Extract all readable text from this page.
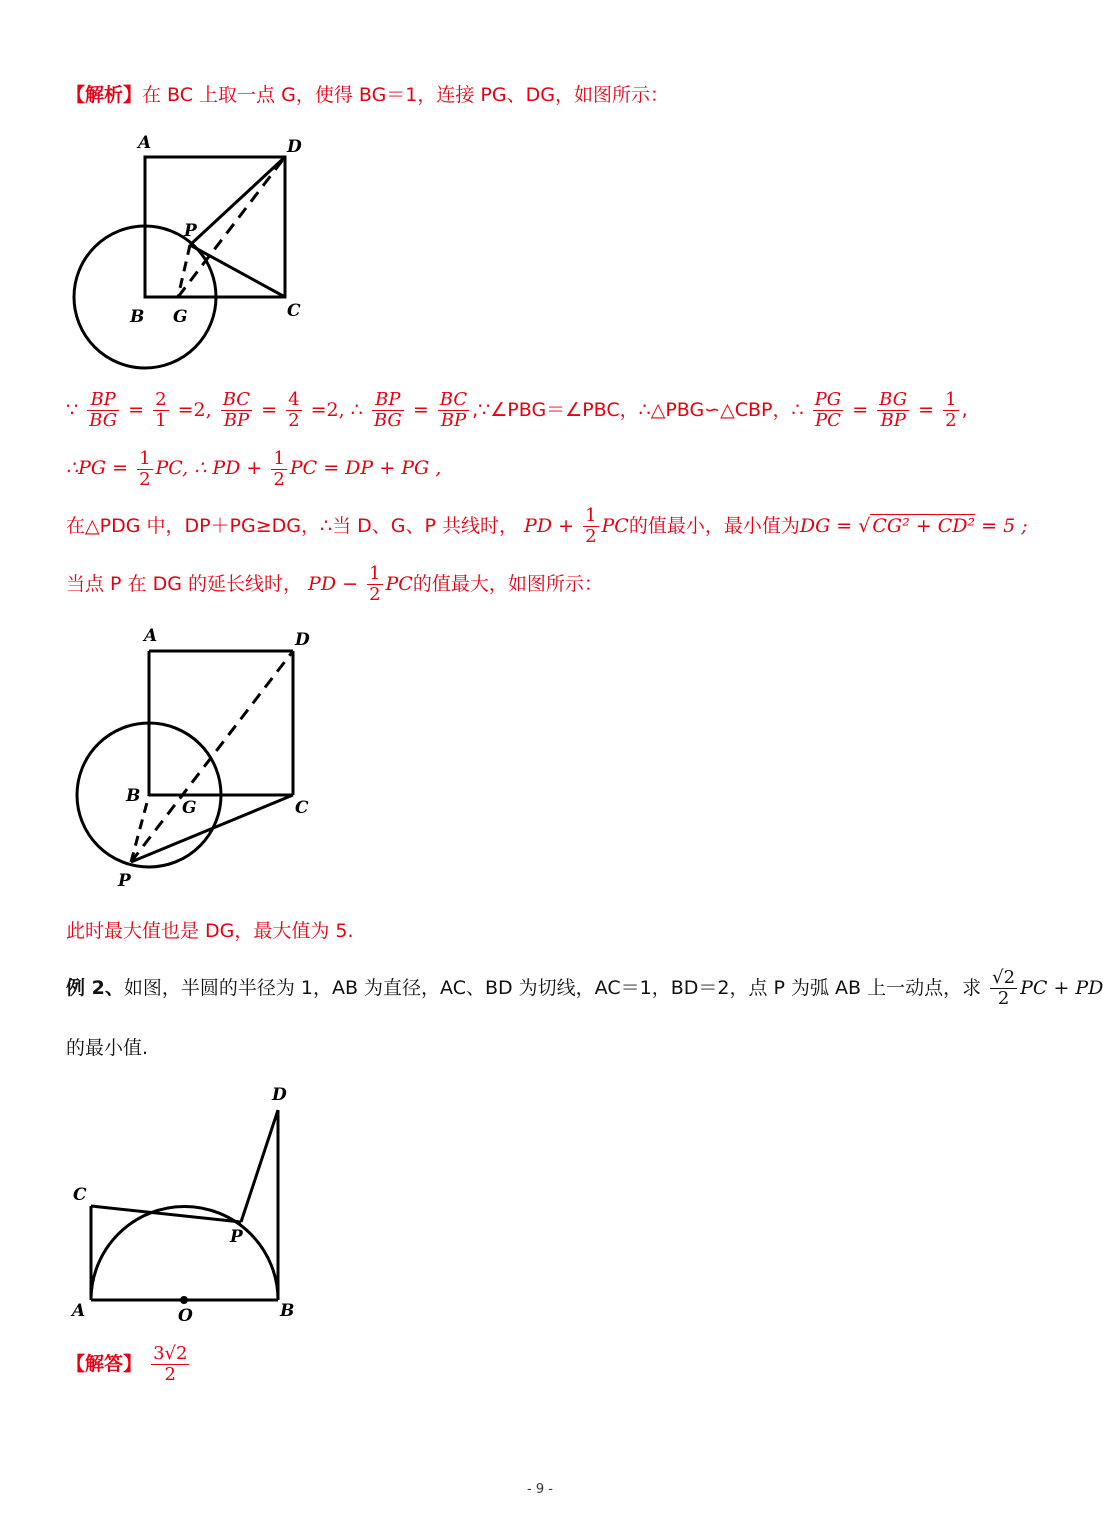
【解析】在 BC 上取一点 G，使得 BG＝1，连接 PG、DG，如图所示：
A	D
P
B G	C
∵ $\frac{BP}{BG} = \frac{2}{1} =2$, $\frac{BC}{BP} = \frac{4}{2} =2$, ∴ $\frac{BP}{BG} = \frac{BC}{BP}$ ,∵∠PBG＝∠PBC，∴△PBG∽△CBP，∴ $\frac{PG}{PC} = \frac{BG}{BP} = \frac{1}{2}$ ,
∴PG = $\frac{1}{2}$ PC, ∴ PD + $\frac{1}{2}$ PC = DP + PG ,
在△PDG 中，DP＋PG≥DG，∴当 D、G、P 共线时， PD + $\frac{1}{2}$ PC的值最小，最小值为DG = √ CG² + CD² = 5 ;
当点 P 在 DG 的延长线时， PD − $\frac{1}{2}$ PC的值最大，如图所示：
A	D
B
G	C
P
此时最大值也是 DG，最大值为 5.
例 2、如图，半圆的半径为 1，AB 为直径，AC、BD 为切线，AC＝1，BD＝2，点 P 为弧 AB 上一动点，求 $\frac{√2}{2}$ PC + PD
的最小值.
D
C
P
A	O	B
【解答】 $\frac{3√2}{2}$
- 9 -
